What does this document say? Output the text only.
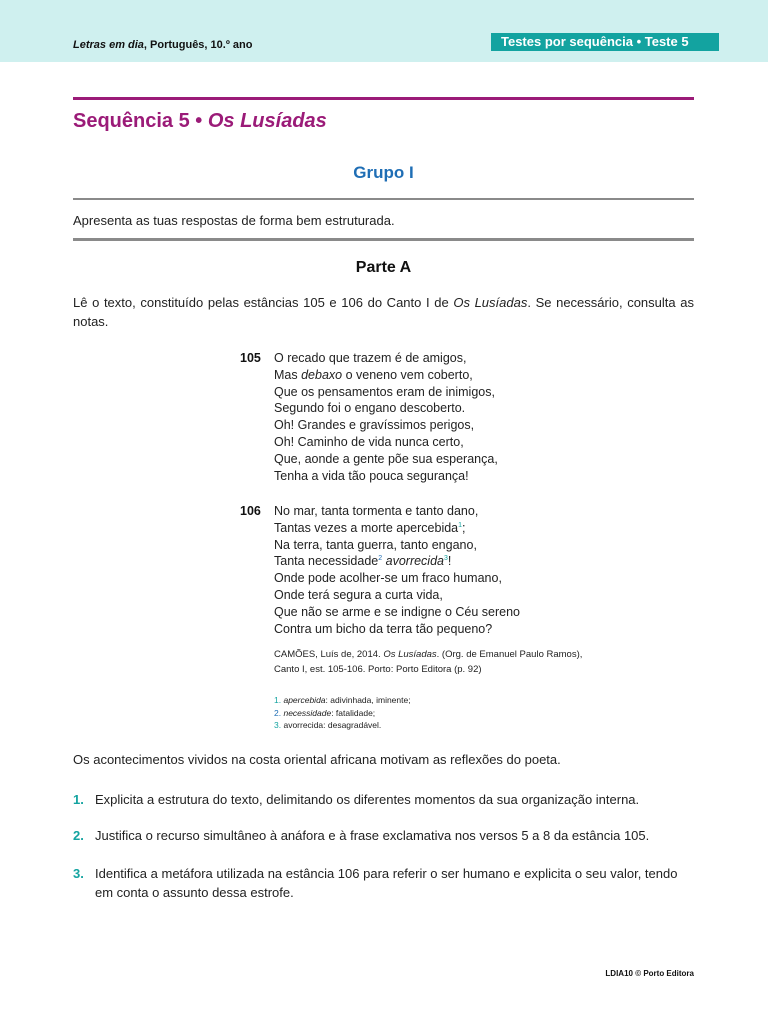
Letras em dia, Português, 10.º ano	Testes por sequência • Teste 5
Sequência 5 • Os Lusíadas
Grupo I
Apresenta as tuas respostas de forma bem estruturada.
Parte A
Lê o texto, constituído pelas estâncias 105 e 106 do Canto I de Os Lusíadas. Se necessário, consulta as notas.
105 O recado que trazem é de amigos,
Mas debaxo o veneno vem coberto,
Que os pensamentos eram de inimigos,
Segundo foi o engano descoberto.
Oh! Grandes e gravíssimos perigos,
Oh! Caminho de vida nunca certo,
Que, aonde a gente põe sua esperança,
Tenha a vida tão pouca segurança!
106 No mar, tanta tormenta e tanto dano,
Tantas vezes a morte apercebida$^1$;
Na terra, tanta guerra, tanto engano,
Tanta necessidade$^2$ avorrecida$^3$!
Onde pode acolher-se um fraco humano,
Onde terá segura a curta vida,
Que não se arme e se indigne o Céu sereno
Contra um bicho da terra tão pequeno?
CAMÕES, Luís de, 2014. Os Lusíadas. (Org. de Emanuel Paulo Ramos),
Canto I, est. 105-106. Porto: Porto Editora (p. 92)
1. apercebida: adivinhada, iminente;
2. necessidade: fatalidade;
3. avorrecida: desagradável.
Os acontecimentos vividos na costa oriental africana motivam as reflexões do poeta.
1. Explicita a estrutura do texto, delimitando os diferentes momentos da sua organização interna.
2. Justifica o recurso simultâneo à anáfora e à frase exclamativa nos versos 5 a 8 da estância 105.
3. Identifica a metáfora utilizada na estância 106 para referir o ser humano e explicita o seu valor, tendo em conta o assunto dessa estrofe.
LDIA10 © Porto Editora
